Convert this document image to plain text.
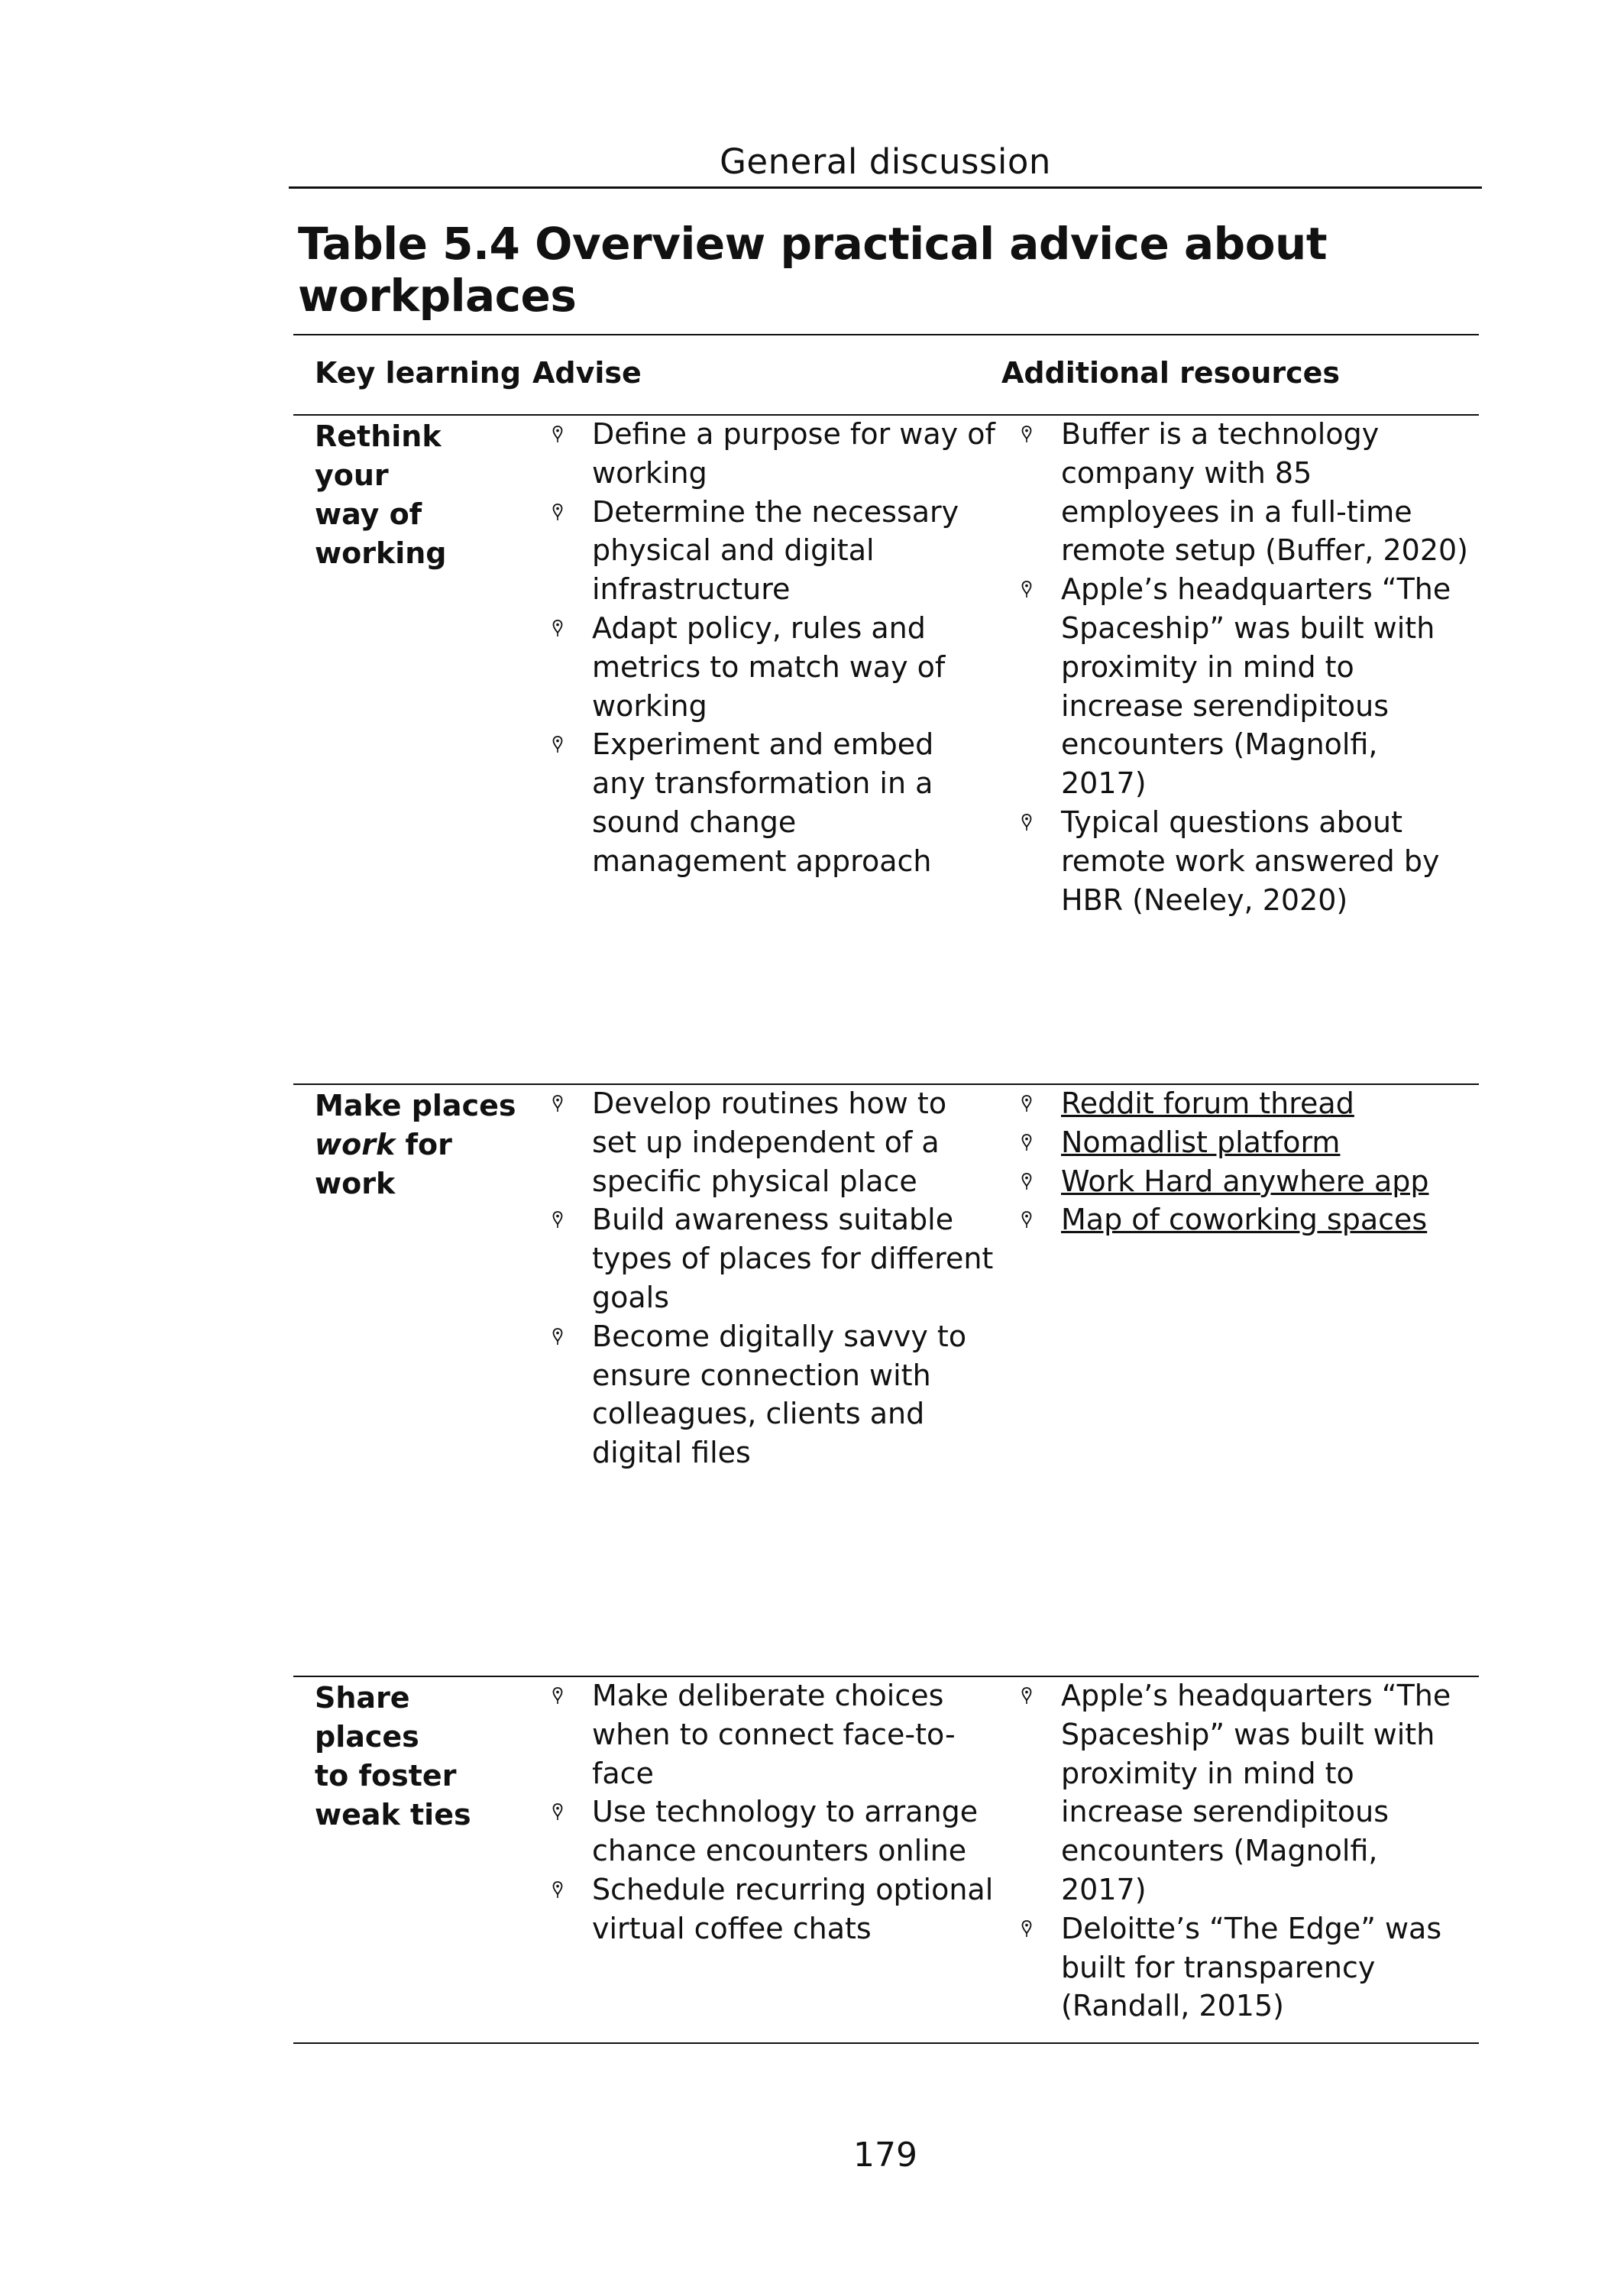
General discussion
Table 5.4 Overview practical advice about workplaces
Key learning Advise	Additional resources
Rethink your
way of
working
Define a purpose for way of working
Determine the necessary physical and digital infrastructure
Adapt policy, rules and metrics to match way of working
Experiment and embed any transformation in a sound change management approach
Buffer is a technology company with 85 employees in a full-time remote setup (Buffer, 2020)
Apple’s headquarters “The Spaceship” was built with proximity in mind to increase serendipitous encounters (Magnolfi, 2017)
Typical questions about remote work answered by HBR (Neeley, 2020)
Make places
work for
work
Develop routines how to set up independent of a specific physical place
Build awareness suitable types of places for different goals
Become digitally savvy to ensure connection with colleagues, clients and digital files
Reddit forum thread
Nomadlist platform
Work Hard anywhere app
Map of coworking spaces
Share places
to foster
weak ties
Make deliberate choices when to connect face-to-face
Use technology to arrange chance encounters online
Schedule recurring optional virtual coffee chats
Apple’s headquarters “The Spaceship” was built with proximity in mind to increase serendipitous encounters (Magnolfi, 2017)
Deloitte’s “The Edge” was built for transparency (Randall, 2015)
179
